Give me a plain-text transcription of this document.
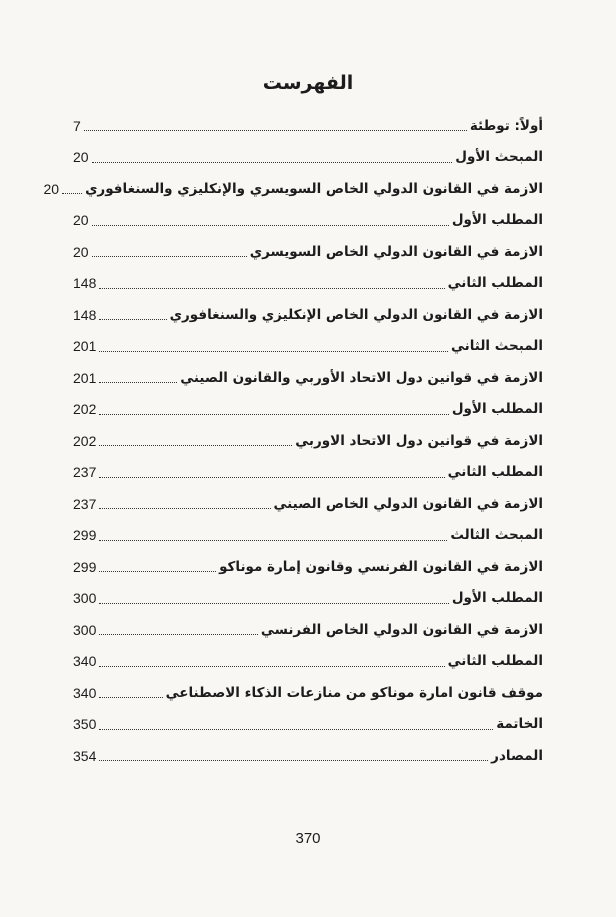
الفهرست
أولاً: توطئة
7
المبحث الأول
20
الازمة في القانون الدولي الخاص السويسري والإنكليزي والسنغافوري
20
المطلب الأول
20
الازمة في القانون الدولي الخاص السويسري
20
المطلب الثاني
148
الازمة في القانون الدولي الخاص الإنكليزي والسنغافوري
148
المبحث الثاني
201
الازمة في قوانين دول الاتحاد الأوربي والقانون الصيني
201
المطلب الأول
202
الازمة في قوانين دول الاتحاد الاوربي
202
المطلب الثاني
237
الازمة في القانون الدولي الخاص الصيني
237
المبحث الثالث
299
الازمة في القانون الفرنسي وقانون إمارة موناكو
299
المطلب الأول
300
الازمة في القانون الدولي الخاص الفرنسي
300
المطلب الثاني
340
موقف قانون امارة موناكو من منازعات الذكاء الاصطناعي
340
الخاتمة
350
المصادر
354
370
